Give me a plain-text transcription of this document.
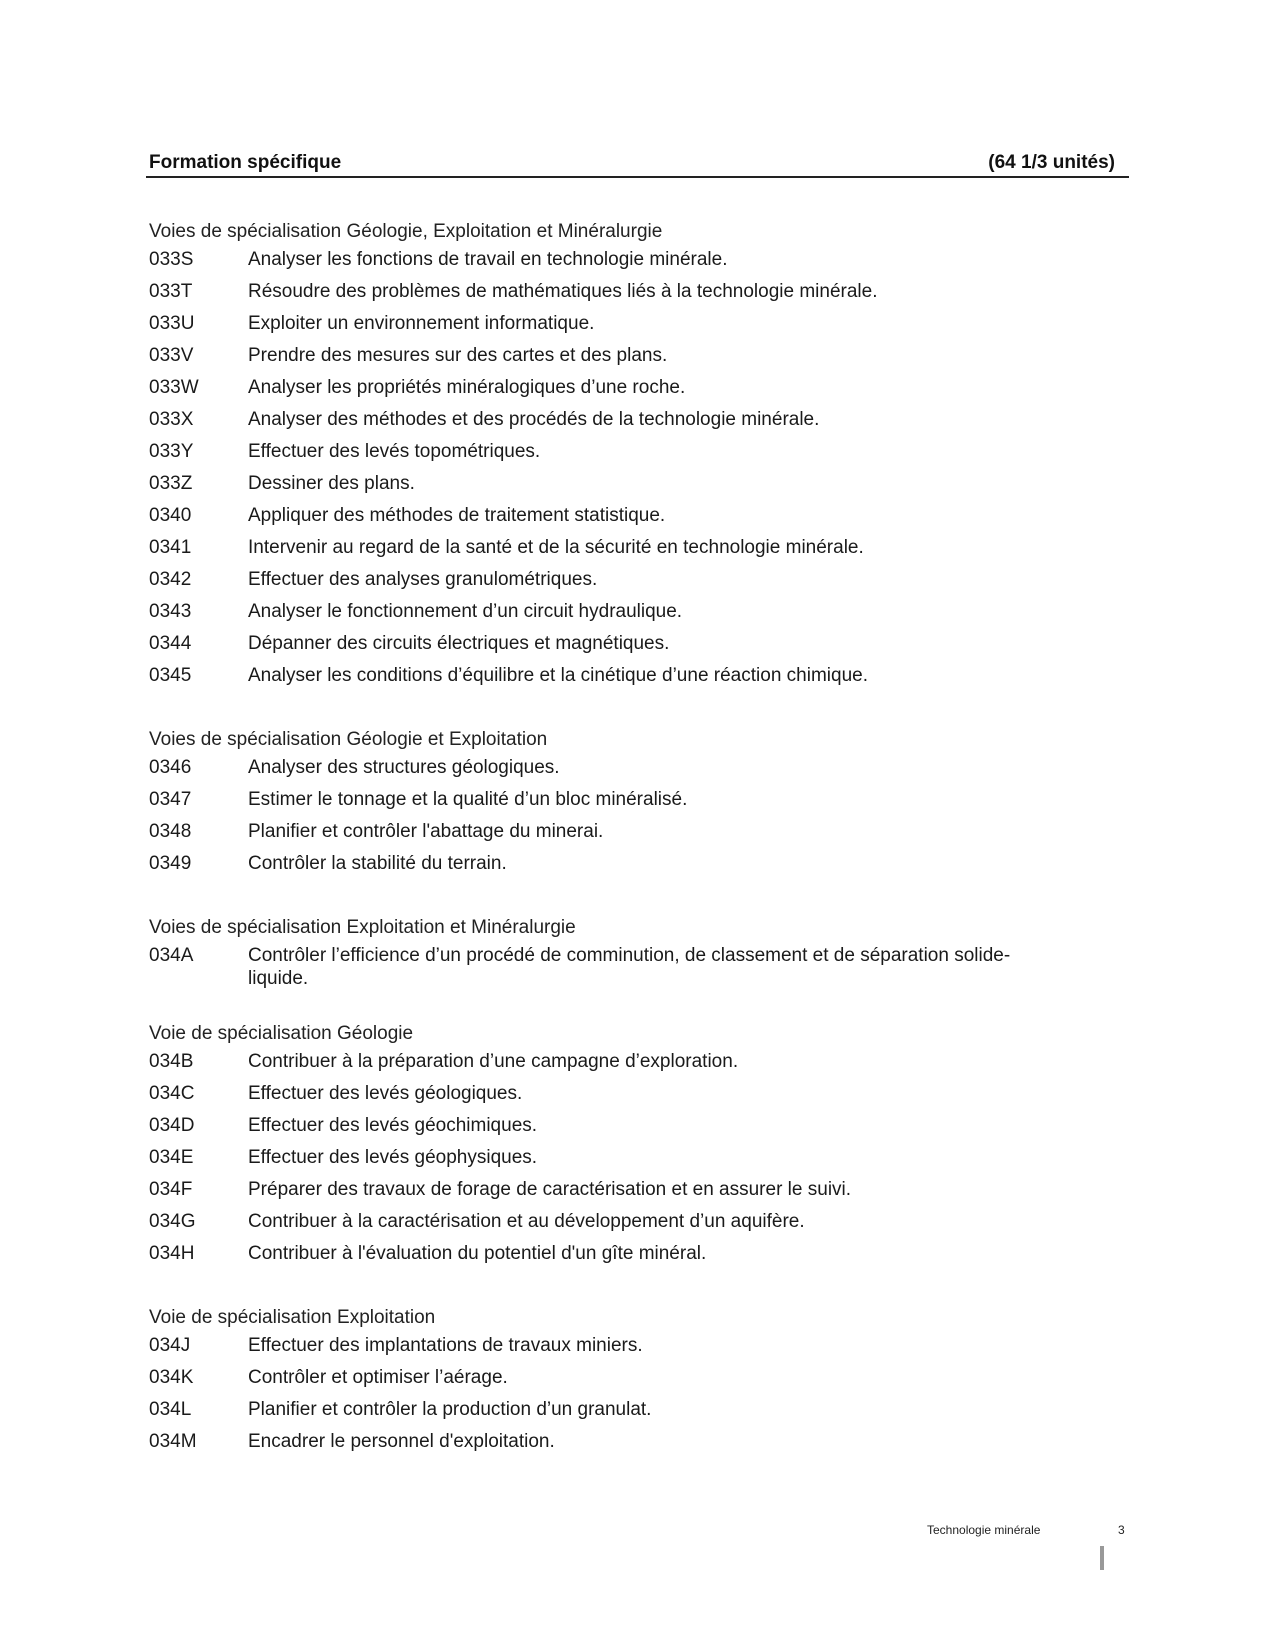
Formation spécifique	(64 1/3 unités)
Voies de spécialisation Géologie, Exploitation et Minéralurgie
033S	Analyser les fonctions de travail en technologie minérale.
033T	Résoudre des problèmes de mathématiques liés à la technologie minérale.
033U	Exploiter un environnement informatique.
033V	Prendre des mesures sur des cartes et des plans.
033W	Analyser les propriétés minéralogiques d’une roche.
033X	Analyser des méthodes et des procédés de la technologie minérale.
033Y	Effectuer des levés topométriques.
033Z	Dessiner des plans.
0340	Appliquer des méthodes de traitement statistique.
0341	Intervenir au regard de la santé et de la sécurité en technologie minérale.
0342	Effectuer des analyses granulométriques.
0343	Analyser le fonctionnement d’un circuit hydraulique.
0344	Dépanner des circuits électriques et magnétiques.
0345	Analyser les conditions d’équilibre et la cinétique d’une réaction chimique.
Voies de spécialisation Géologie et Exploitation
0346	Analyser des structures géologiques.
0347	Estimer le tonnage et la qualité d’un bloc minéralisé.
0348	Planifier et contrôler l'abattage du minerai.
0349	Contrôler la stabilité du terrain.
Voies de spécialisation Exploitation et Minéralurgie
034A	Contrôler l’efficience d’un procédé de comminution, de classement et de séparation solide-liquide.
Voie de spécialisation Géologie
034B	Contribuer à la préparation d’une campagne d’exploration.
034C	Effectuer des levés géologiques.
034D	Effectuer des levés géochimiques.
034E	Effectuer des levés géophysiques.
034F	Préparer des travaux de forage de caractérisation et en assurer le suivi.
034G	Contribuer à la caractérisation et au développement d’un aquifère.
034H	Contribuer à l'évaluation du potentiel d'un gîte minéral.
Voie de spécialisation Exploitation
034J	Effectuer des implantations de travaux miniers.
034K	Contrôler et optimiser l’aérage.
034L	Planifier et contrôler la production d’un granulat.
034M	Encadrer le personnel d'exploitation.
Technologie minérale	3
